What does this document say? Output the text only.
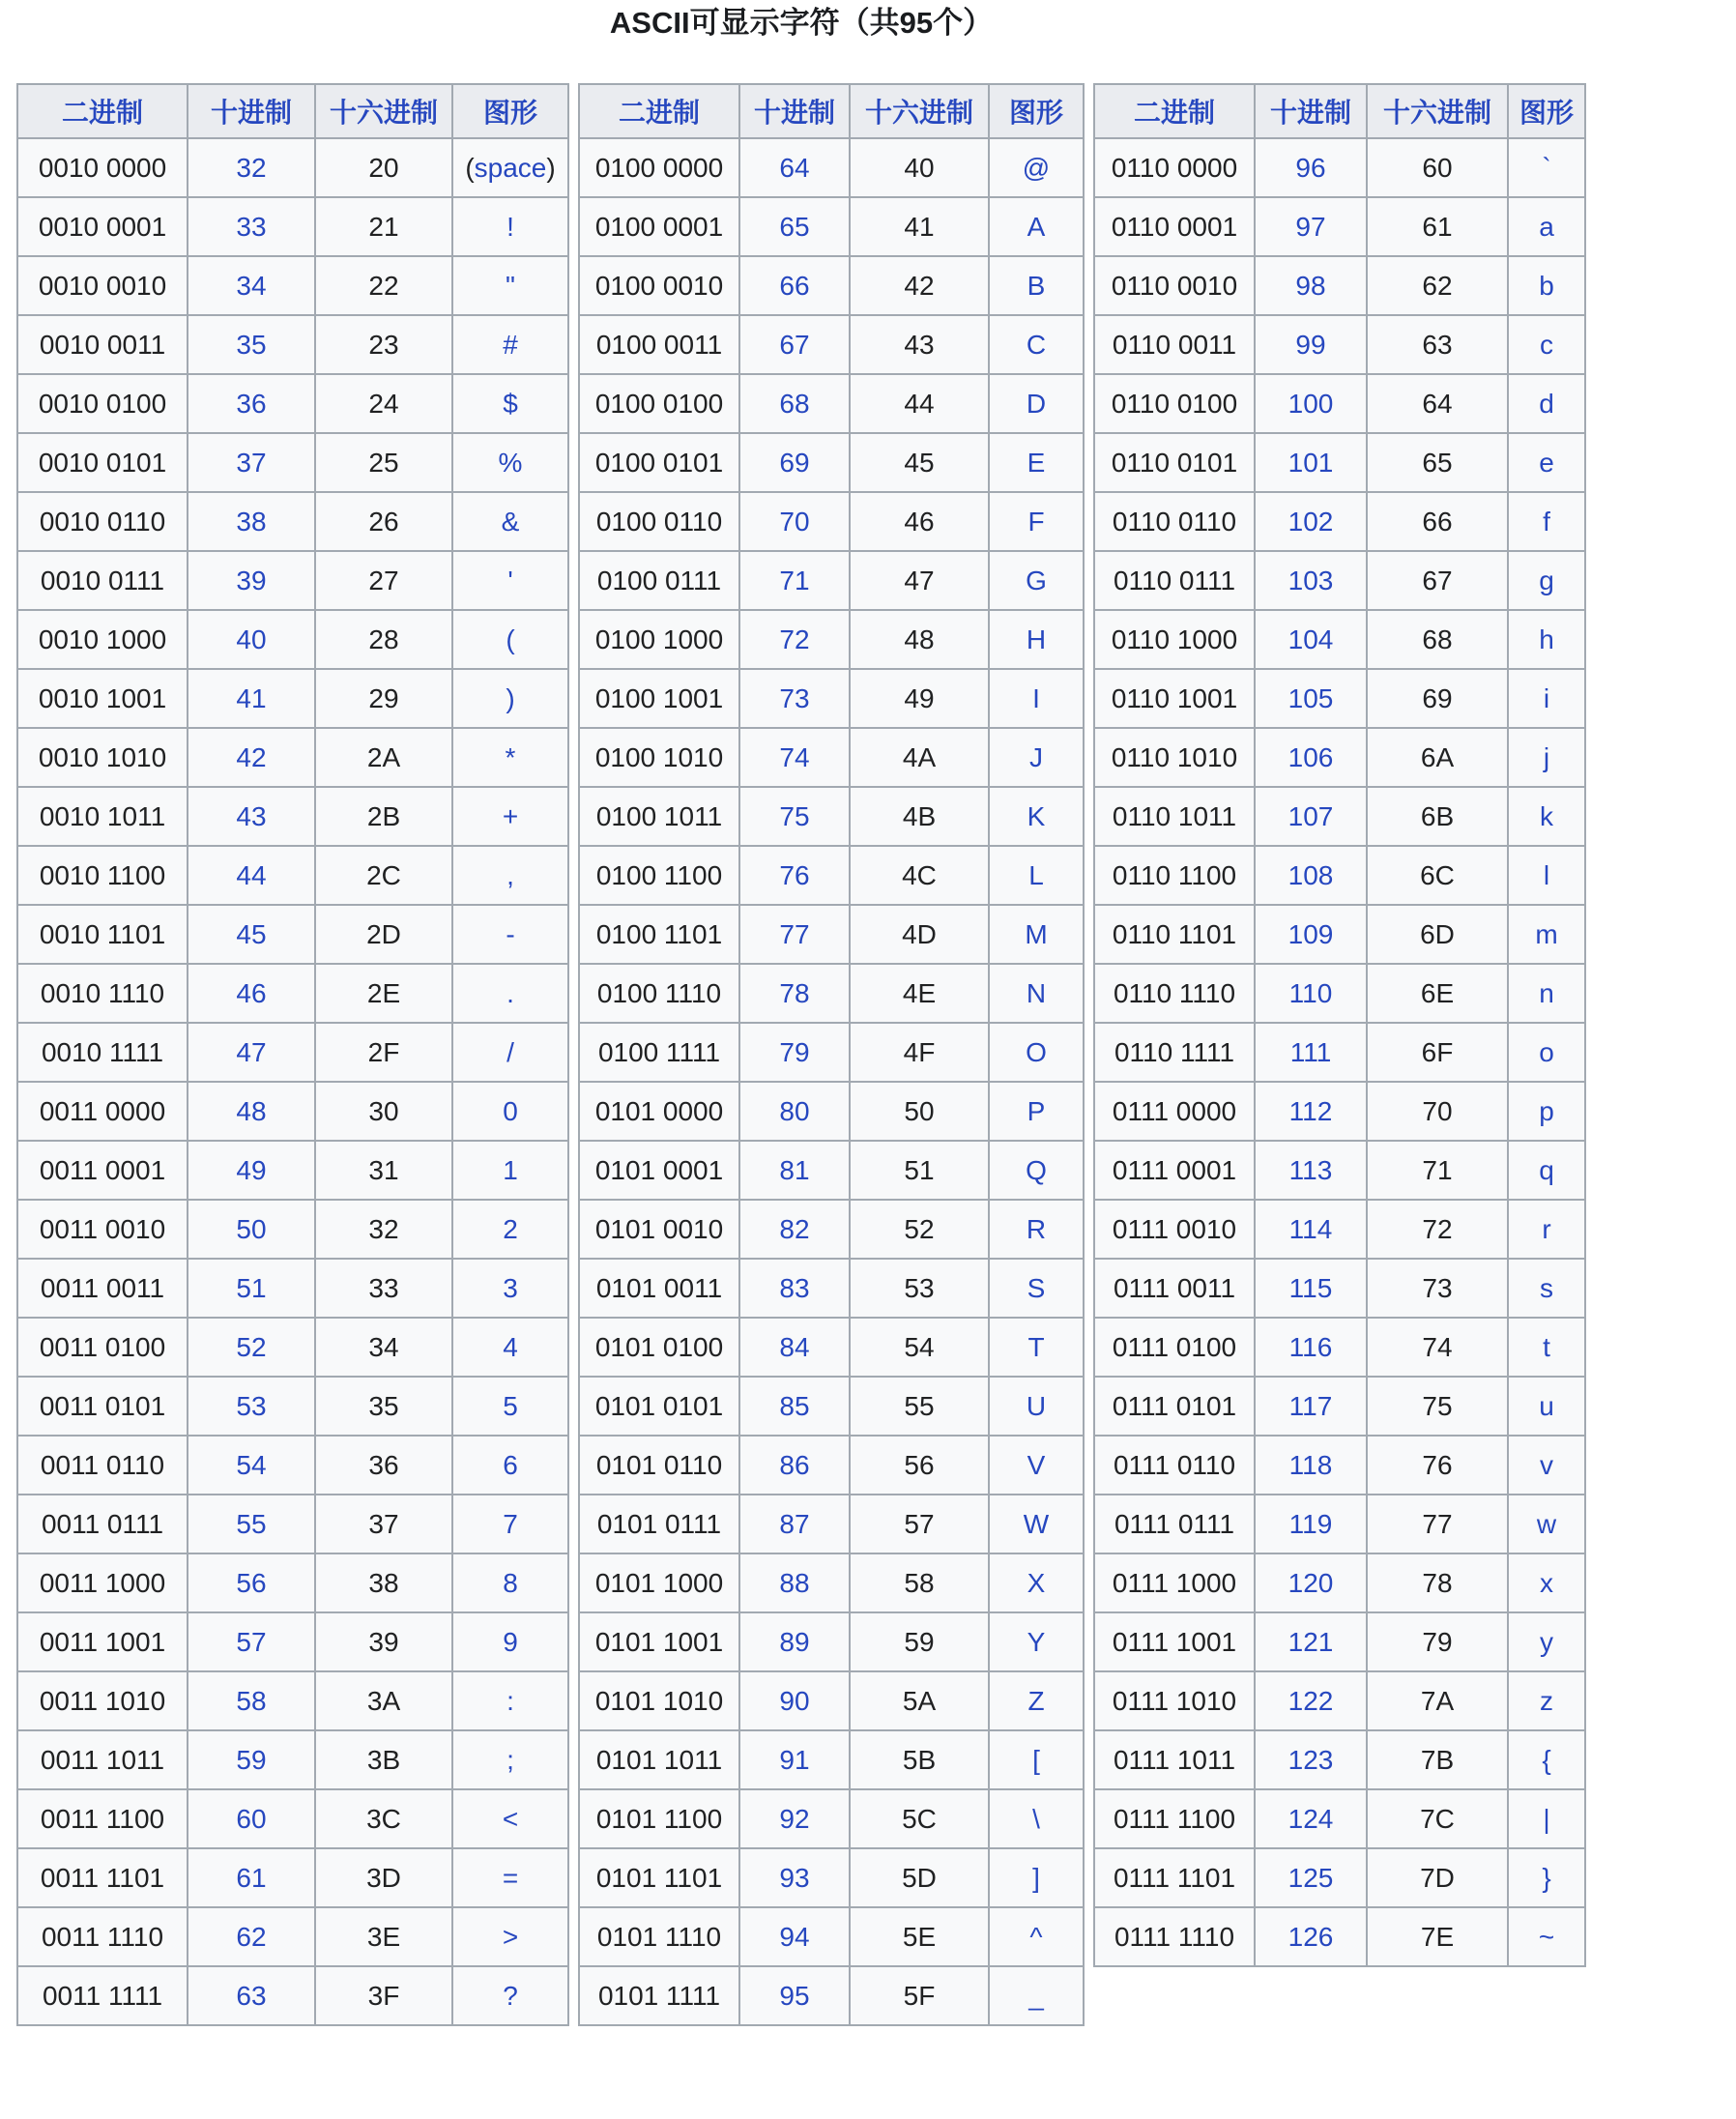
ASCII可显示字符（共95个）
二进制	十进制	十六进制	图形
0010 0000	32	20	(space)
0010 0001	33	21	!
0010 0010	34	22	"
0010 0011	35	23	#
0010 0100	36	24	$
0010 0101	37	25	%
0010 0110	38	26	&
0010 0111	39	27	'
0010 1000	40	28	(
0010 1001	41	29	)
0010 1010	42	2A	*
0010 1011	43	2B	+
0010 1100	44	2C	,
0010 1101	45	2D	-
0010 1110	46	2E	.
0010 1111	47	2F	/
0011 0000	48	30	0
0011 0001	49	31	1
0011 0010	50	32	2
0011 0011	51	33	3
0011 0100	52	34	4
0011 0101	53	35	5
0011 0110	54	36	6
0011 0111	55	37	7
0011 1000	56	38	8
0011 1001	57	39	9
0011 1010	58	3A	:
0011 1011	59	3B	;
0011 1100	60	3C	<
0011 1101	61	3D	=
0011 1110	62	3E	>
0011 1111	63	3F	?
二进制	十进制	十六进制	图形
0100 0000	64	40	@
0100 0001	65	41	A
0100 0010	66	42	B
0100 0011	67	43	C
0100 0100	68	44	D
0100 0101	69	45	E
0100 0110	70	46	F
0100 0111	71	47	G
0100 1000	72	48	H
0100 1001	73	49	I
0100 1010	74	4A	J
0100 1011	75	4B	K
0100 1100	76	4C	L
0100 1101	77	4D	M
0100 1110	78	4E	N
0100 1111	79	4F	O
0101 0000	80	50	P
0101 0001	81	51	Q
0101 0010	82	52	R
0101 0011	83	53	S
0101 0100	84	54	T
0101 0101	85	55	U
0101 0110	86	56	V
0101 0111	87	57	W
0101 1000	88	58	X
0101 1001	89	59	Y
0101 1010	90	5A	Z
0101 1011	91	5B	[
0101 1100	92	5C	\
0101 1101	93	5D	]
0101 1110	94	5E	^
0101 1111	95	5F	_
二进制	十进制	十六进制	图形
0110 0000	96	60	`
0110 0001	97	61	a
0110 0010	98	62	b
0110 0011	99	63	c
0110 0100	100	64	d
0110 0101	101	65	e
0110 0110	102	66	f
0110 0111	103	67	g
0110 1000	104	68	h
0110 1001	105	69	i
0110 1010	106	6A	j
0110 1011	107	6B	k
0110 1100	108	6C	l
0110 1101	109	6D	m
0110 1110	110	6E	n
0110 1111	111	6F	o
0111 0000	112	70	p
0111 0001	113	71	q
0111 0010	114	72	r
0111 0011	115	73	s
0111 0100	116	74	t
0111 0101	117	75	u
0111 0110	118	76	v
0111 0111	119	77	w
0111 1000	120	78	x
0111 1001	121	79	y
0111 1010	122	7A	z
0111 1011	123	7B	{
0111 1100	124	7C	|
0111 1101	125	7D	}
0111 1110	126	7E	~
